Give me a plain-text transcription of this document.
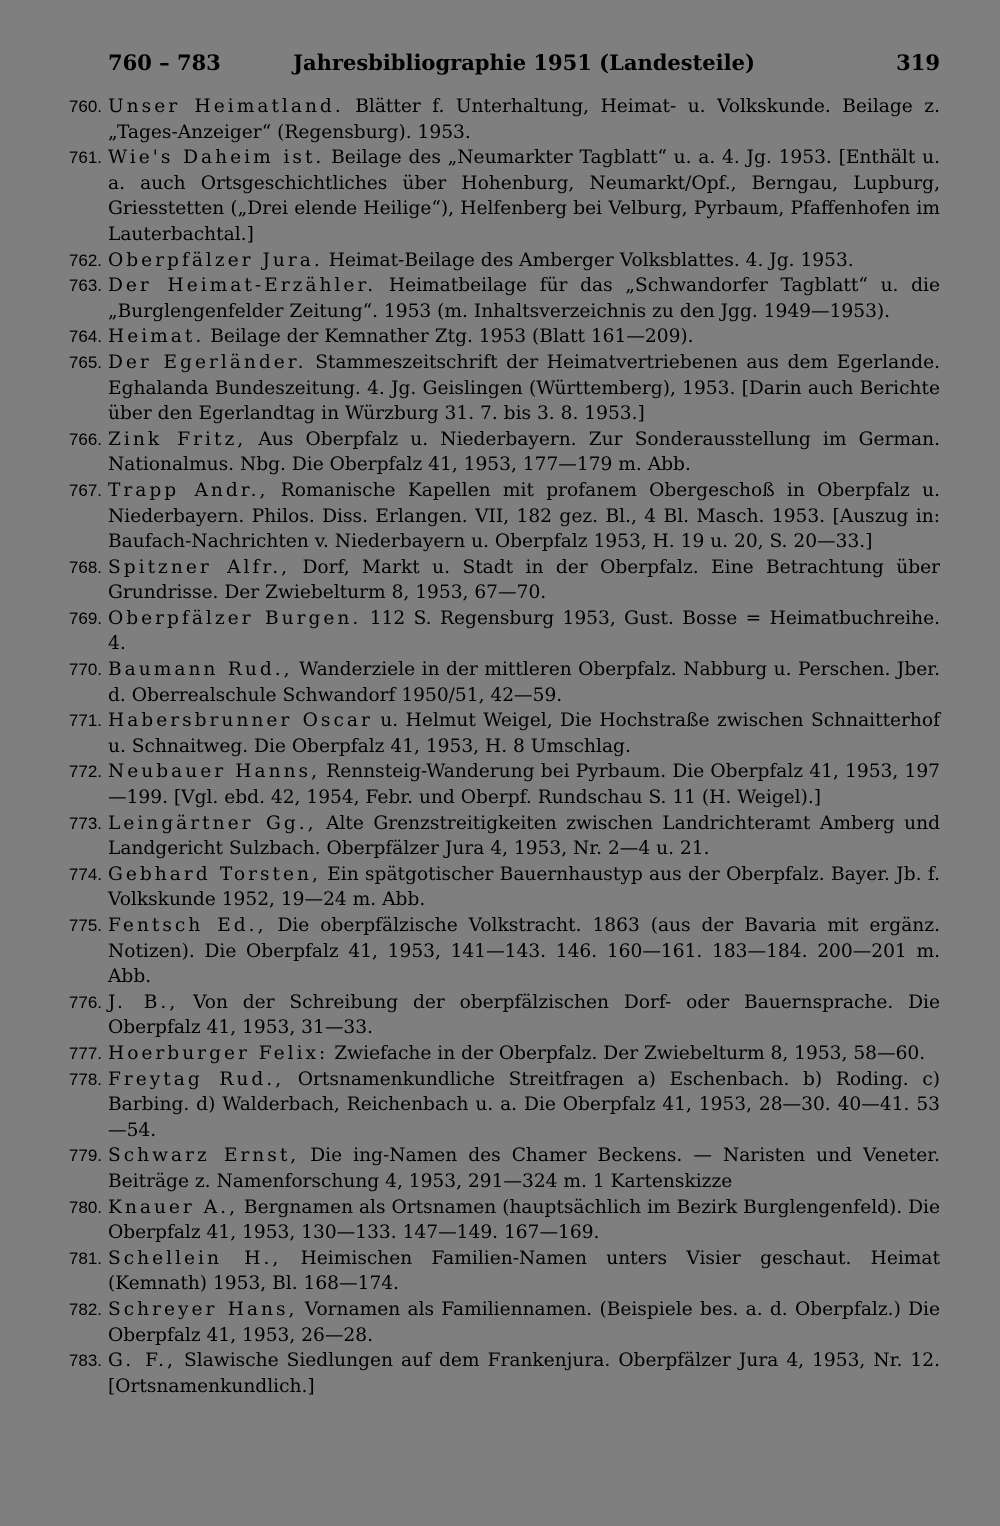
760 – 783	Jahresbibliographie 1951 (Landesteile)	319
760. Unser Heimatland. Blätter f. Unterhaltung, Heimat- u. Volkskunde. Beilage z. „Tages-Anzeiger“ (Regensburg). 1953.
761. Wie's Daheim ist. Beilage des „Neumarkter Tagblatt“ u. a. 4. Jg. 1953. [Enthält u. a. auch Ortsgeschichtliches über Hohenburg, Neumarkt/Opf., Berngau, Lupburg, Griesstetten („Drei elende Heilige“), Helfenberg bei Velburg, Pyrbaum, Pfaffenhofen im Lauterbachtal.]
762. Oberpfälzer Jura. Heimat-Beilage des Amberger Volksblattes. 4. Jg. 1953.
763. Der Heimat-Erzähler. Heimatbeilage für das „Schwandorfer Tagblatt“ u. die „Burglengenfelder Zeitung“. 1953 (m. Inhaltsverzeichnis zu den Jgg. 1949—1953).
764. Heimat. Beilage der Kemnather Ztg. 1953 (Blatt 161—209).
765. Der Egerländer. Stammeszeitschrift der Heimatvertriebenen aus dem Egerlande. Eghalanda Bundeszeitung. 4. Jg. Geislingen (Württemberg), 1953. [Darin auch Berichte über den Egerlandtag in Würzburg 31. 7. bis 3. 8. 1953.]
766. Zink Fritz, Aus Oberpfalz u. Niederbayern. Zur Sonderausstellung im German. Nationalmus. Nbg. Die Oberpfalz 41, 1953, 177—179 m. Abb.
767. Trapp Andr., Romanische Kapellen mit profanem Obergeschoß in Oberpfalz u. Niederbayern. Philos. Diss. Erlangen. VII, 182 gez. Bl., 4 Bl. Masch. 1953. [Auszug in: Baufach-Nachrichten v. Niederbayern u. Oberpfalz 1953, H. 19 u. 20, S. 20—33.]
768. Spitzner Alfr., Dorf, Markt u. Stadt in der Oberpfalz. Eine Betrachtung über Grundrisse. Der Zwiebelturm 8, 1953, 67—70.
769. Oberpfälzer Burgen. 112 S. Regensburg 1953, Gust. Bosse = Heimatbuchreihe. 4.
770. Baumann Rud., Wanderziele in der mittleren Oberpfalz. Nabburg u. Perschen. Jber. d. Oberrealschule Schwandorf 1950/51, 42—59.
771. Habersbrunner Oscar u. Helmut Weigel, Die Hochstraße zwischen Schnaitterhof u. Schnaitweg. Die Oberpfalz 41, 1953, H. 8 Umschlag.
772. Neubauer Hanns, Rennsteig-Wanderung bei Pyrbaum. Die Oberpfalz 41, 1953, 197—199. [Vgl. ebd. 42, 1954, Febr. und Oberpf. Rundschau S. 11 (H. Weigel).]
773. Leingärtner Gg., Alte Grenzstreitigkeiten zwischen Landrichteramt Amberg und Landgericht Sulzbach. Oberpfälzer Jura 4, 1953, Nr. 2—4 u. 21.
774. Gebhard Torsten, Ein spätgotischer Bauernhaustyp aus der Oberpfalz. Bayer. Jb. f. Volkskunde 1952, 19—24 m. Abb.
775. Fentsch Ed., Die oberpfälzische Volkstracht. 1863 (aus der Bavaria mit ergänz. Notizen). Die Oberpfalz 41, 1953, 141—143. 146. 160—161. 183—184. 200—201 m. Abb.
776. J. B., Von der Schreibung der oberpfälzischen Dorf- oder Bauernsprache. Die Oberpfalz 41, 1953, 31—33.
777. Hoerburger Felix: Zwiefache in der Oberpfalz. Der Zwiebelturm 8, 1953, 58—60.
778. Freytag Rud., Ortsnamenkundliche Streitfragen a) Eschenbach. b) Roding. c) Barbing. d) Walderbach, Reichenbach u. a. Die Oberpfalz 41, 1953, 28—30. 40—41. 53—54.
779. Schwarz Ernst, Die ing-Namen des Chamer Beckens. — Naristen und Veneter. Beiträge z. Namenforschung 4, 1953, 291—324 m. 1 Kartenskizze
780. Knauer A., Bergnamen als Ortsnamen (hauptsächlich im Bezirk Burglengenfeld). Die Oberpfalz 41, 1953, 130—133. 147—149. 167—169.
781. Schellein H., Heimischen Familien-Namen unters Visier geschaut. Heimat (Kemnath) 1953, Bl. 168—174.
782. Schreyer Hans, Vornamen als Familiennamen. (Beispiele bes. a. d. Oberpfalz.) Die Oberpfalz 41, 1953, 26—28.
783. G. F., Slawische Siedlungen auf dem Frankenjura. Oberpfälzer Jura 4, 1953, Nr. 12. [Ortsnamenkundlich.]
